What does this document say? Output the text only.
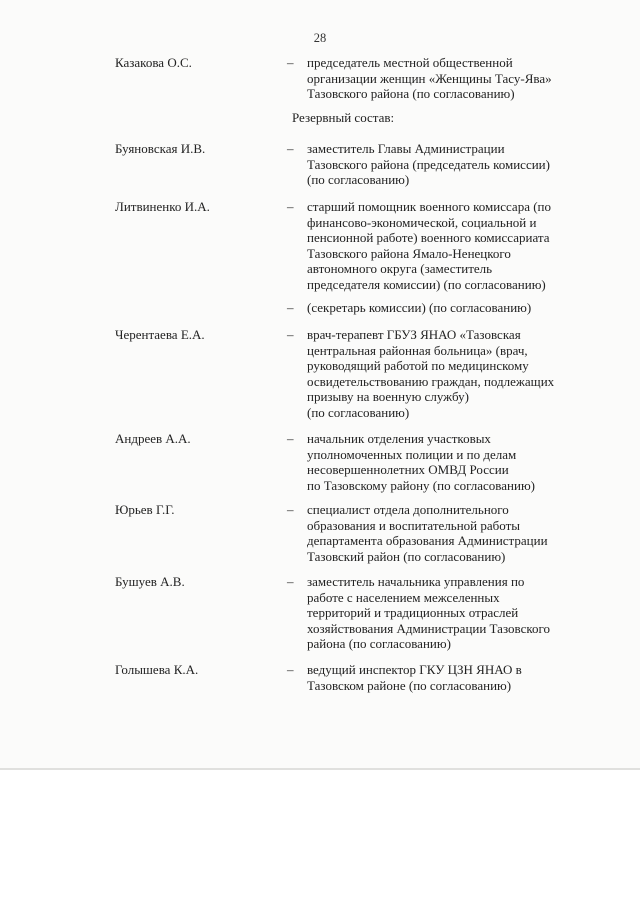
28
Казакова О.С.	– председатель местной общественной
организации женщин «Женщины Тасу-Ява»
Тазовского района (по согласованию)
Резервный состав:
Буяновская И.В.	– заместитель Главы Администрации
Тазовского района (председатель комиссии)
(по согласованию)
Литвиненко И.А.	– старший помощник военного комиссара (по
финансово-экономической, социальной и
пенсионной работе) военного комиссариата
Тазовского района Ямало-Ненецкого
автономного округа (заместитель
председателя комиссии) (по согласованию)
– (секретарь комиссии) (по согласованию)
Черентаева Е.А.	– врач-терапевт ГБУЗ ЯНАО «Тазовская
центральная районная больница» (врач,
руководящий работой по медицинскому
освидетельствованию граждан, подлежащих
призыву на военную службу)
(по согласованию)
Андреев А.А.	– начальник отделения участковых
уполномоченных полиции и по делам
несовершеннолетних ОМВД России
по Тазовскому району (по согласованию)
Юрьев Г.Г.	– специалист отдела дополнительного
образования и воспитательной работы
департамента образования Администрации
Тазовский район (по согласованию)
Бушуев А.В.	– заместитель начальника управления по
работе с населением межселенных
территорий и традиционных отраслей
хозяйствования Администрации Тазовского
района (по согласованию)
Голышева К.А.	– ведущий инспектор ГКУ ЦЗН ЯНАО в
Тазовском районе (по согласованию)
